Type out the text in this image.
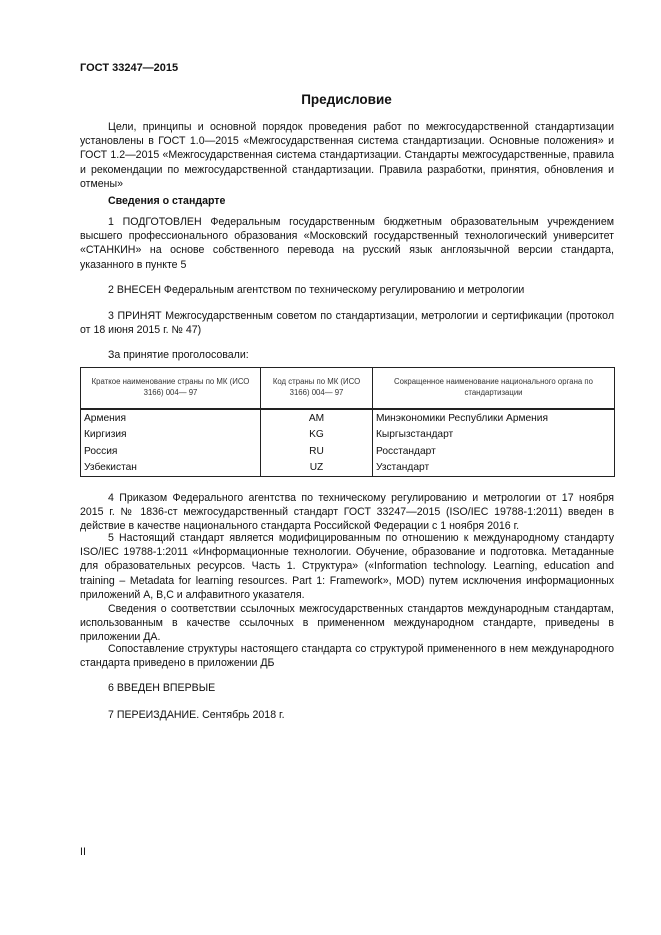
ГОСТ 33247—2015
Предисловие

Цели, принципы и основной порядок проведения работ по межгосударственной стандартизации установлены в ГОСТ 1.0—2015 «Межгосударственная система стандартизации. Основные положения» и ГОСТ 1.2—2015 «Межгосударственная система стандартизации. Стандарты межгосударственные, правила и рекомендации по межгосударственной стандартизации. Правила разработки, принятия, обновления и отмены»

Сведения о стандарте

1 ПОДГОТОВЛЕН Федеральным государственным бюджетным образовательным учреждением высшего профессионального образования «Московский государственный технологический университет «СТАНКИН» на основе собственного перевода на русский язык англоязычной версии стандарта, указанного в пункте 5

2 ВНЕСЕН Федеральным агентством по техническому регулированию и метрологии

3 ПРИНЯТ Межгосударственным советом по стандартизации, метрологии и сертификации (протокол от 18 июня 2015 г. № 47)

За принятие проголосовали:
Краткое наименование страны по МК (ИСО 3166) 004— 97	Код страны по МК (ИСО 3166) 004— 97	Сокращенное наименование национального органа по стандартизации
Армения	AM	Минэкономики Республики Армения
Киргизия	KG	Кыргызстандарт
Россия	RU	Росстандарт
Узбекистан	UZ	Узстандарт

4 Приказом Федерального агентства по техническому регулированию и метрологии от 17 ноября 2015 г. № 1836-ст межгосударственный стандарт ГОСТ 33247—2015 (ISO/IEC 19788-1:2011) введен в действие в качестве национального стандарта Российской Федерации с 1 ноября 2016 г.

5 Настоящий стандарт является модифицированным по отношению к международному стандарту ISO/IEC 19788-1:2011 «Информационные технологии. Обучение, образование и подготовка. Метаданные для образовательных ресурсов. Часть 1. Структура» («Information technology. Learning, education and training – Metadata for learning resources. Part 1: Framework», MOD) путем исключения информационных приложений А, В,С и алфавитного указателя.

Сведения о соответствии ссылочных межгосударственных стандартов международным стандартам, использованным в качестве ссылочных в примененном международном стандарте, приведены в приложении ДА.

Сопоставление структуры настоящего стандарта со структурой примененного в нем международного стандарта приведено в приложении ДБ

6 ВВЕДЕН ВПЕРВЫЕ
7 ПЕРЕИЗДАНИЕ. Сентябрь 2018 г.
II
